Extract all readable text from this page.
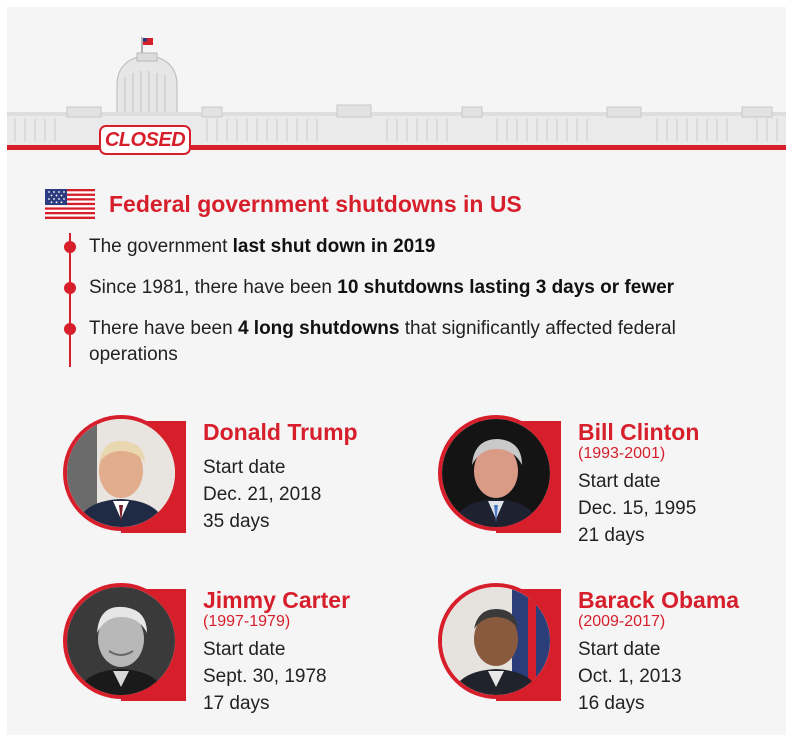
CLOSED
Federal government shutdowns in US
The government last shut down in 2019
Since 1981, there have been 10 shutdowns lasting 3 days or fewer
There have been 4 long shutdowns that significantly affected federal operations
Donald Trump
Start date
Dec. 21, 2018
35 days
Bill Clinton
(1993-2001)
Start date
Dec. 15, 1995
21 days
Jimmy Carter
(1997-1979)
Start date
Sept. 30, 1978
17 days
Barack Obama
(2009-2017)
Start date
Oct. 1, 2013
16 days
